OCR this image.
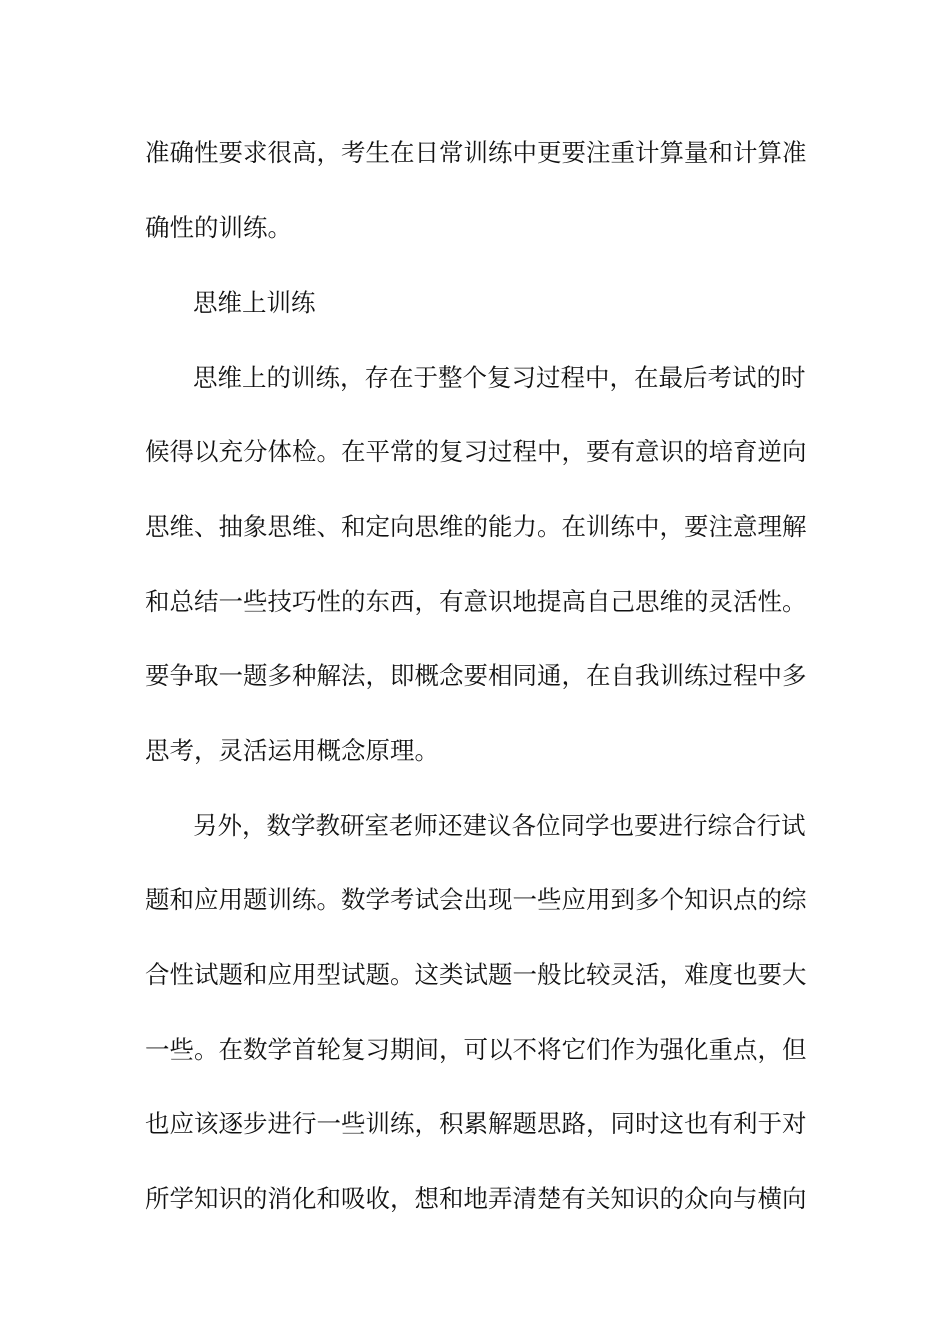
准确性要求很高，考生在日常训练中更要注重计算量和计算准

确性的训练。

思维上训练

思维上的训练，存在于整个复习过程中，在最后考试的时

候得以充分体检。在平常的复习过程中，要有意识的培育逆向

思维、抽象思维、和定向思维的能力。在训练中，要注意理解

和总结一些技巧性的东西，有意识地提高自己思维的灵活性。

要争取一题多种解法，即概念要相同通，在自我训练过程中多

思考，灵活运用概念原理。

另外，数学教研室老师还建议各位同学也要进行综合行试

题和应用题训练。数学考试会出现一些应用到多个知识点的综

合性试题和应用型试题。这类试题一般比较灵活，难度也要大

一些。在数学首轮复习期间，可以不将它们作为强化重点，但

也应该逐步进行一些训练，积累解题思路，同时这也有利于对

所学知识的消化和吸收，想和地弄清楚有关知识的众向与横向
